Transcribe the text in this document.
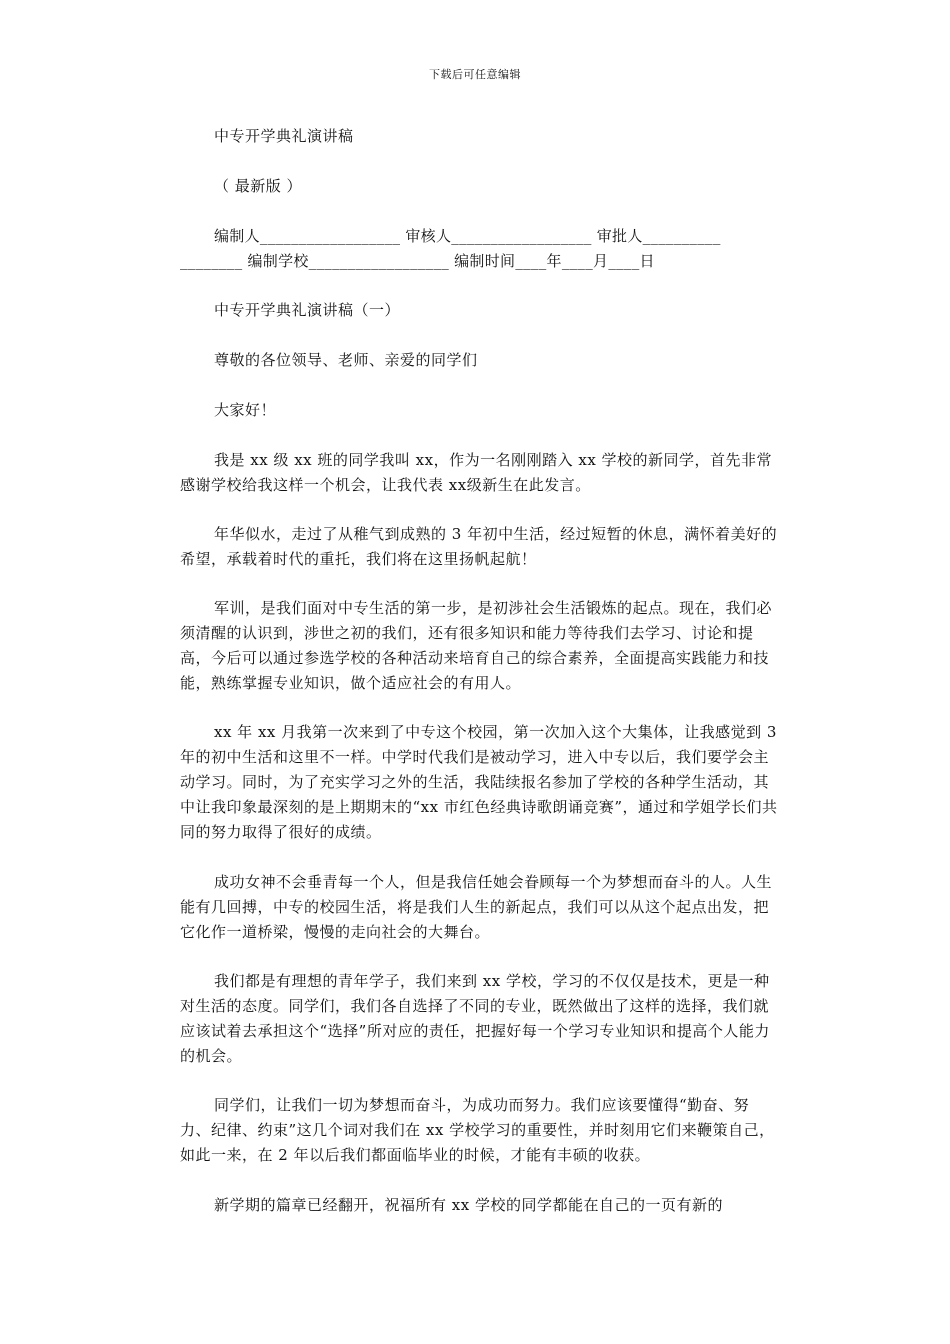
下载后可任意编辑
中专开学典礼演讲稿
（ 最新版 ）
编制人__________________ 审核人__________________ 审批人__________
________ 编制学校__________________ 编制时间____年____月____日
中专开学典礼演讲稿（一）
尊敬的各位领导、老师、亲爱的同学们
大家好！
我是 xx 级 xx 班的同学我叫 xx，作为一名刚刚踏入 xx 学校的新同学，首先非常感谢学校给我这样一个机会，让我代表 xx级新生在此发言。
年华似水，走过了从稚气到成熟的 3 年初中生活，经过短暂的休息，满怀着美好的希望，承载着时代的重托，我们将在这里扬帆起航！
军训，是我们面对中专生活的第一步，是初涉社会生活锻炼的起点。现在，我们必须清醒的认识到，涉世之初的我们，还有很多知识和能力等待我们去学习、讨论和提高，今后可以通过参选学校的各种活动来培育自己的综合素养，全面提高实践能力和技能，熟练掌握专业知识，做个适应社会的有用人。
xx 年 xx 月我第一次来到了中专这个校园，第一次加入这个大集体，让我感觉到 3 年的初中生活和这里不一样。中学时代我们是被动学习，进入中专以后，我们要学会主动学习。同时，为了充实学习之外的生活，我陆续报名参加了学校的各种学生活动，其中让我印象最深刻的是上期期末的“xx 市红色经典诗歌朗诵竞赛”，通过和学姐学长们共同的努力取得了很好的成绩。
成功女神不会垂青每一个人，但是我信任她会眷顾每一个为梦想而奋斗的人。人生能有几回搏，中专的校园生活，将是我们人生的新起点，我们可以从这个起点出发，把它化作一道桥梁，慢慢的走向社会的大舞台。
我们都是有理想的青年学子，我们来到 xx 学校，学习的不仅仅是技术，更是一种对生活的态度。同学们，我们各自选择了不同的专业，既然做出了这样的选择，我们就应该试着去承担这个“选择”所对应的责任，把握好每一个学习专业知识和提高个人能力的机会。
同学们，让我们一切为梦想而奋斗，为成功而努力。我们应该要懂得“勤奋、努力、纪律、约束”这几个词对我们在 xx 学校学习的重要性，并时刻用它们来鞭策自己，如此一来，在 2 年以后我们都面临毕业的时候，才能有丰硕的收获。
新学期的篇章已经翻开，祝福所有 xx 学校的同学都能在自己的一页有新的
